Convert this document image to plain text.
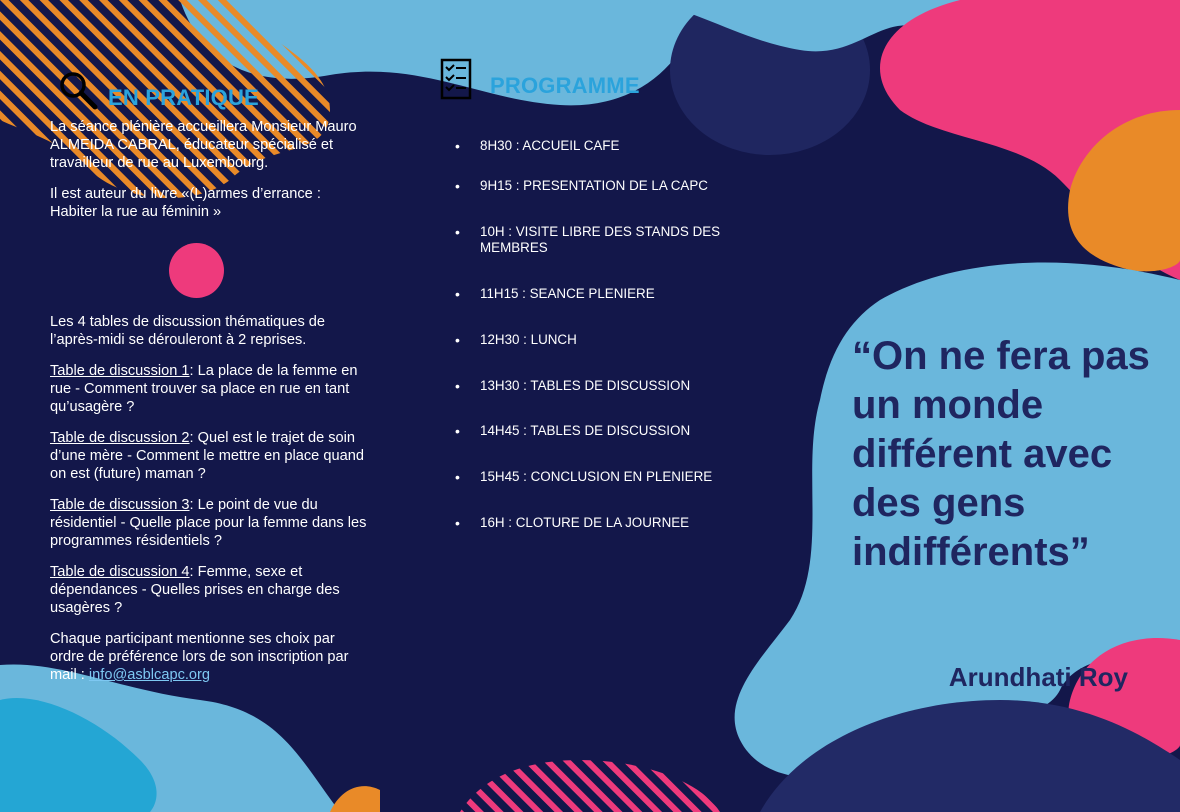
EN PRATIQUE

La séance plénière accueillera Monsieur Mauro ALMEIDA CABRAL, éducateur spécialisé et travailleur de rue au Luxembourg.

Il est auteur du livre «(L)armes d’errance : Habiter la rue au féminin »

Les 4 tables de discussion thématiques de l’après-midi se dérouleront à 2 reprises.

Table de discussion 1: La place de la femme en rue - Comment trouver sa place en rue en tant qu’usagère ?

Table de discussion 2: Quel est le trajet de soin d’une mère - Comment le mettre en place quand on est (future) maman ?

Table de discussion 3: Le point de vue du résidentiel - Quelle place pour la femme dans les programmes résidentiels ?

Table de discussion 4: Femme, sexe et dépendances - Quelles prises en charge des usagères ?

Chaque participant mentionne ses choix par ordre de préférence lors de son inscription par mail : info@asblcapc.org

PROGRAMME
• 8H30 : ACCUEIL CAFE
• 9H15 : PRESENTATION DE LA CAPC
• 10H : VISITE LIBRE DES STANDS DES MEMBRES
• 11H15 : SEANCE PLENIERE
• 12H30 : LUNCH
• 13H30 : TABLES DE DISCUSSION
• 14H45 : TABLES DE DISCUSSION
• 15H45 : CONCLUSION EN PLENIERE
• 16H : CLOTURE DE LA JOURNEE
“On ne fera pas un monde différent avec des gens indifférents”
Arundhati Roy
